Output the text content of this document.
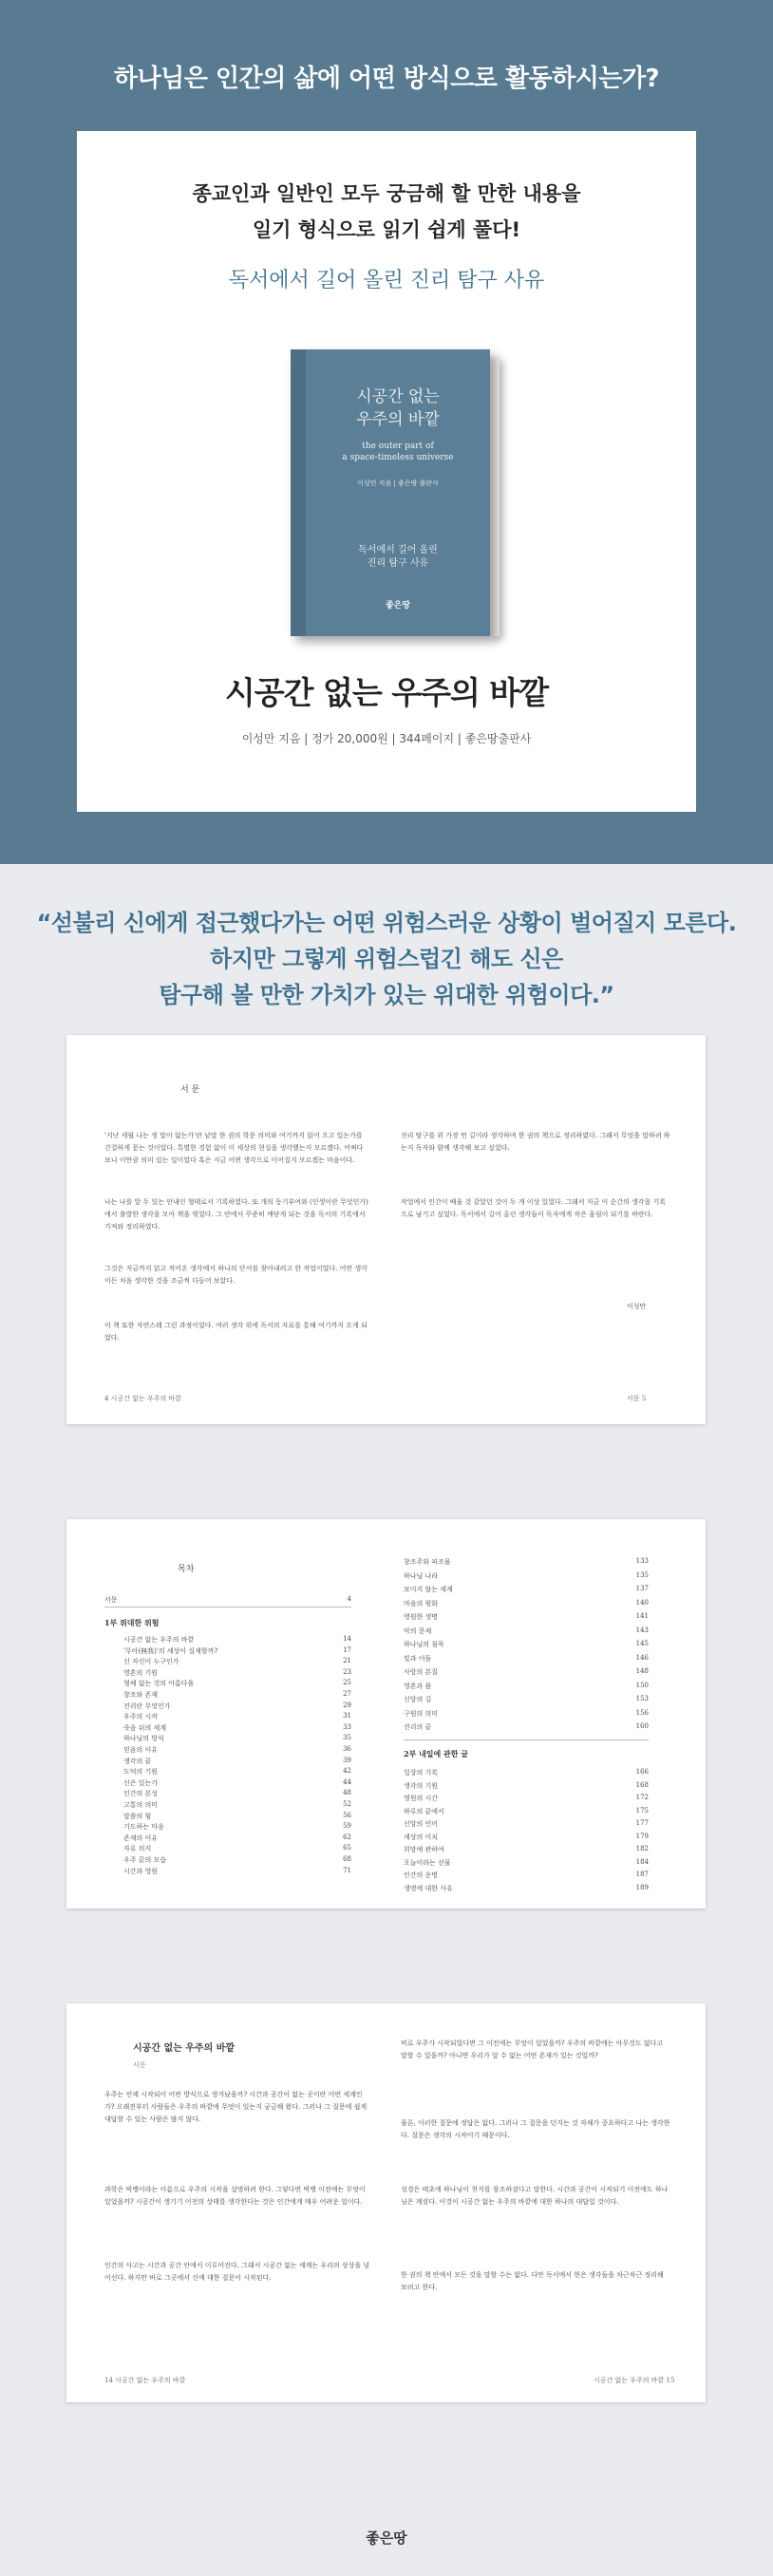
하나님은 인간의 삶에 어떤 방식으로 활동하시는가?
종교인과 일반인 모두 궁금해 할 만한 내용을
일기 형식으로 읽기 쉽게 풀다!
독서에서 길어 올린 진리 탐구 사유
시공간 없는
우주의 바깥
the outer part of
a space-timeless universe
이성민 지음 | 좋은땅 출판사
독서에서 길어 올린
진리 탐구 사유
좋은땅
시공간 없는 우주의 바깥
이성만 지음 | 정가 20,000원 | 344페이지 | 좋은땅출판사
“섣불리 신에게 접근했다가는 어떤 위험스러운 상황이 벌어질지 모른다.
하지만 그렇게 위험스럽긴 해도 신은
탐구해 볼 만한 가치가 있는 위대한 위험이다.”
서 문
'지난 세월 나는 정 말이 없는가'란 낱말 한 권의 학문 의미와 여기까지 읽어 오고 있는가를 간결하게 묻는 것이었다. 특별한 경험 없이 이 세상의 현실을 생각했는지 모르겠다. 어쩌다 보니 이만큼 의미 있는 일이었다 혹은 지금 어떤 생각으로 이어질지 모르겠는 마음이다.
나는 나를 앞 두 있는 안내인 형태로서 기록하였다. 또 개의 동기부여와 (인생이란 무엇인가)에서 출발한 생각을 모아 책을 엮었다. 그 안에서 꾸준히 깨닫게 되는 것을 독서의 기록에서 가져와 정리하였다.
그것은 지금까지 읽고 적어온 생각에서 하나의 단서를 찾아내려고 한 작업이었다. 어떤 생각이든 처음 생각한 것을 조금씩 다듬어 보았다.
이 책 또한 자연스레 그런 과정이었다. 여러 생각 위에 독서의 자료를 통해 여기까지 오게 되었다.
진리 탐구를 위 가장 먼 길이라 생각하며 한 권의 책으로 정리하였다. 그래서 무엇을 말하려 하는지 독자와 함께 생각해 보고 싶었다.
작업에서 인간이 배울 것 같았던 것이 두 개 이상 있었다. 그래서 지금 이 순간의 생각을 기록으로 남기고 싶었다. 독서에서 길어 올린 생각들이 독자에게 작은 울림이 되기를 바란다.
이성만
4 시공간 없는 우주의 바깥	서문 5
목차
서문	4
1부 위대한 위험
시공간 없는 우주의 바깥	14
'무아(無我)'의 세상이 실재할까?	17
신 자신이 누구인가	21
영혼의 기원	23
형체 없는 것의 아름다움	25
창조와 존재	27
진리란 무엇인가	29
우주의 시작	31
죽음 뒤의 세계	33
하나님의 방식	35
믿음의 이유	36
생각의 끝	39
도덕의 기원	42
신은 있는가	44
인간의 본성	48
고통의 의미	52
말씀의 힘	56
기도하는 마음	59
존재의 이유	62
자유 의지	65
우주 끝의 모습	68
시간과 영원	71
창조주와 피조물	133
하나님 나라	135
보이지 않는 세계	137
마음의 평화	140
영원한 생명	141
악의 문제	143
하나님의 침묵	145
빛과 어둠	146
사랑의 본질	148
영혼과 몸	150
신앙의 길	153
구원의 의미	156
진리의 끝	160
2부 내일에 관한 글
일상의 기록	166
생각의 기원	168
영원의 시간	172
하루의 끝에서	175
신앙의 언어	177
세상의 이치	179
희망에 관하여	182
오늘이라는 선물	184
인간의 운명	187
생명에 대한 사유	189
시공간 없는 우주의 바깥
서문
우주는 언제 시작되어 어떤 방식으로 생겨났을까? 시간과 공간이 없는 곳이란 어떤 세계인가? 오래전부터 사람들은 우주의 바깥에 무엇이 있는지 궁금해 왔다. 그러나 그 질문에 쉽게 대답할 수 있는 사람은 많지 않다.
과학은 빅뱅이라는 이름으로 우주의 시작을 설명하려 한다. 그렇다면 빅뱅 이전에는 무엇이 있었을까? 시공간이 생기기 이전의 상태를 생각한다는 것은 인간에게 매우 어려운 일이다.
인간의 사고는 시간과 공간 안에서 이루어진다. 그래서 시공간 없는 세계는 우리의 상상을 넘어선다. 하지만 바로 그곳에서 신에 대한 질문이 시작된다.
비로 우주가 시작되었다면 그 이전에는 무엇이 있었을까? 우주의 바깥에는 아무것도 없다고 말할 수 있을까? 아니면 우리가 알 수 없는 어떤 존재가 있는 것일까?
물론, 이러한 질문에 정답은 없다. 그러나 그 질문을 던지는 것 자체가 중요하다고 나는 생각한다. 질문은 생각의 시작이기 때문이다.
성경은 태초에 하나님이 천지를 창조하셨다고 말한다. 시간과 공간이 시작되기 이전에도 하나님은 계셨다. 이것이 시공간 없는 우주의 바깥에 대한 하나의 대답일 것이다.
한 권의 책 안에서 모든 것을 말할 수는 없다. 다만 독서에서 얻은 생각들을 차근차근 정리해 보려고 한다.
14 시공간 없는 우주의 바깥	시공간 없는 우주의 바깥 15
좋은땅
